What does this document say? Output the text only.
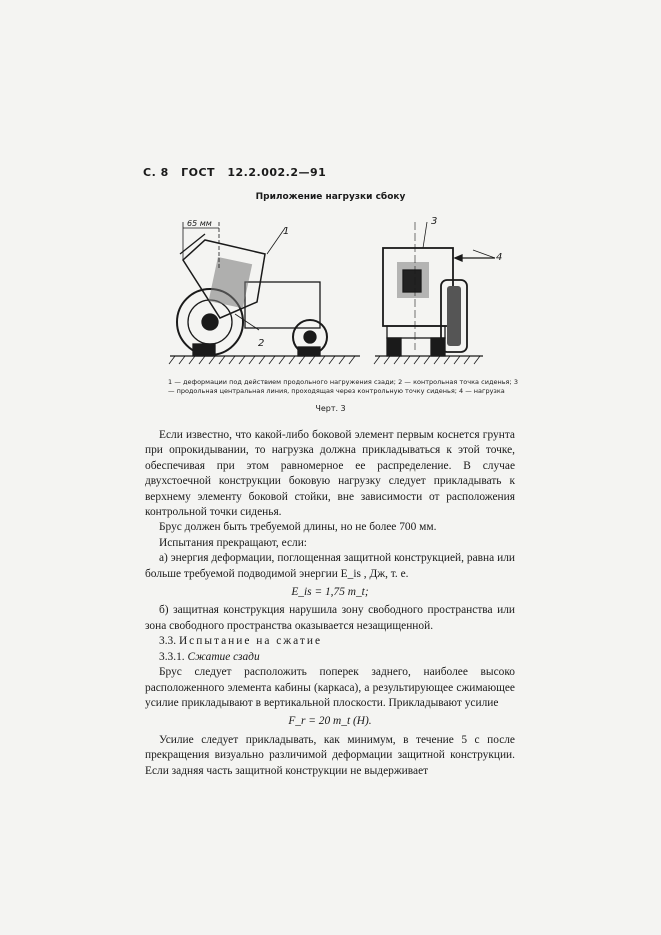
С. 8 ГОСТ 12.2.002.2—91
Приложение нагрузки сбоку
65 мм
1
2
3
4
1 — деформации под действием продольного нагружения сзади; 2 — контрольная точка сиденья; 3 — продольная центральная линия, проходящая через контрольную точку сиденья; 4 — нагрузка
Черт. 3

Если известно, что какой-либо боковой элемент первым коснется грунта при опрокидывании, то нагрузка должна прикладываться к этой точке, обеспечивая при этом равномерное ее распределение. В случае двухстоечной конструкции боковую нагрузку следует прикладывать к верхнему элементу боковой стойки, вне зависимости от расположения контрольной точки сиденья.

Брус должен быть требуемой длины, но не более 700 мм.

Испытания прекращают, если:

а) энергия деформации, поглощенная защитной конструкцией, равна или больше требуемой подводимой энергии E_is , Дж, т. е.

E_is = 1,75 m_t;

б) защитная конструкция нарушила зону свободного пространства или зона свободного пространства оказывается незащищенной.

3.3. Испытание на сжатие

3.3.1. Сжатие сзади

Брус следует расположить поперек заднего, наиболее высоко расположенного элемента кабины (каркаса), а результирующее сжимающее усилие прикладывают в вертикальной плоскости. Прикладывают усилие

F_r = 20 m_t (Н).

Усилие следует прикладывать, как минимум, в течение 5 с после прекращения визуально различимой деформации защитной конструкции. Если задняя часть защитной конструкции не выдерживает
